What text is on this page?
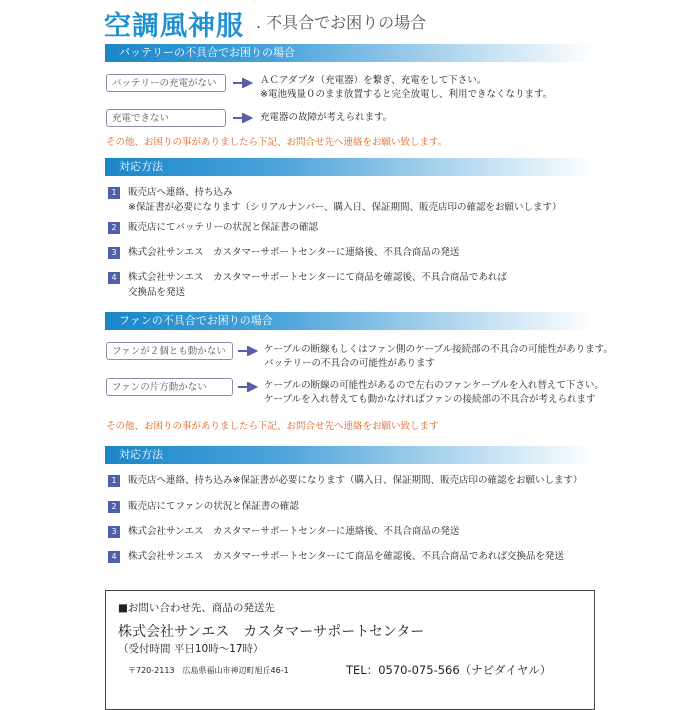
空調風神服 . 不具合でお困りの場合
バッテリーの不具合でお困りの場合
バッテリーの充電がない	ＡＣアダプタ（充電器）を繋ぎ、充電をして下さい。
※電池残量０のまま放置すると完全放電し、利用できなくなります。
充電できない	充電器の故障が考えられます。
その他、お困りの事がありましたら下記、お問合せ先へ連絡をお願い致します。
対応方法
1	販売店へ連絡、持ち込み
※保証書が必要になります（シリアルナンバー、購入日、保証期間、販売店印の確認をお願いします）
2	販売店にてバッテリーの状況と保証書の確認
3	株式会社サンエス　カスタマーサポートセンターに連絡後、不具合商品の発送
4	株式会社サンエス　カスタマーサポートセンターにて商品を確認後、不具合商品であれば
交換品を発送
ファンの不具合でお困りの場合
ファンが２個とも動かない	ケーブルの断線もしくはファン側のケーブル接続部の不具合の可能性があります。
バッテリーの不具合の可能性があります
ファンの片方動かない	ケーブルの断線の可能性があるので左右のファンケーブルを入れ替えて下さい。
ケーブルを入れ替えても動かなければファンの接続部の不具合が考えられます
その他、お困りの事がありましたら下記、お問合せ先へ連絡をお願い致します
対応方法
1	販売店へ連絡、持ち込み※保証書が必要になります（購入日、保証期間、販売店印の確認をお願いします）
2	販売店にてファンの状況と保証書の確認
3	株式会社サンエス　カスタマーサポートセンターに連絡後、不具合商品の発送
4	株式会社サンエス　カスタマーサポートセンターにて商品を確認後、不具合商品であれば交換品を発送
■お問い合わせ先、商品の発送先
株式会社サンエス　カスタマーサポートセンター
（受付時間 平日10時～17時）
〒720-2113　広島県福山市神辺町旭丘46-1	TEL：0570-075-566（ナビダイヤル）
